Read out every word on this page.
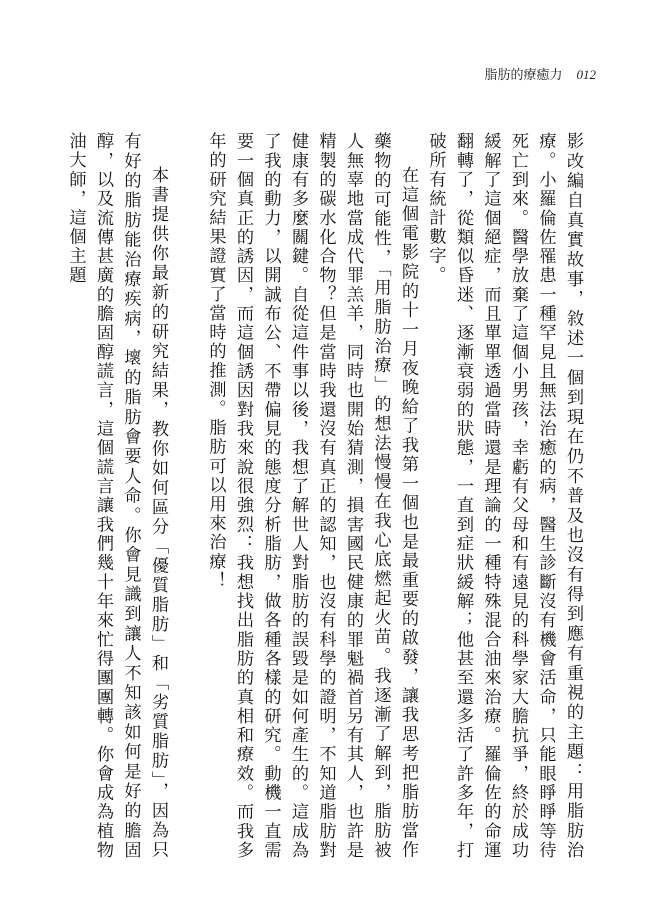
脂肪的療癒力 012

影改編自真實故事，敘述一個到現在仍不普及也沒有得到應有重視的主題：用脂肪治療。小羅倫佐罹患一種罕見且無法治癒的病，醫生診斷沒有機會活命，只能眼睜睜等待死亡到來。醫學放棄了這個小男孩，幸虧有父母和有遠見的科學家大膽抗爭，終於成功緩解了這個絕症，而且單單透過當時還是理論的一種特殊混合油來治療。羅倫佐的命運翻轉了，從類似昏迷、逐漸衰弱的狀態，一直到症狀緩解；他甚至還多活了許多年，打破所有統計數字。

在這個電影院的十一月夜晚給了我第一個也是最重要的啟發，讓我思考把脂肪當作藥物的可能性，「用脂肪治療」的想法慢慢在我心底燃起火苗。我逐漸了解到，脂肪被人無辜地當成代罪羔羊，同時也開始猜測，損害國民健康的罪魁禍首另有其人，也許是精製的碳水化合物？但是當時我還沒有真正的認知，也沒有科學的證明，不知道脂肪對健康有多麼關鍵。自從這件事以後，我想了解世人對脂肪的誤毀是如何產生的。這成為了我的動力，以開誠布公、不帶偏見的態度分析脂肪，做各種各樣的研究。動機一直需要一個真正的誘因，而這個誘因對我來說很強烈：我想找出脂肪的真相和療效。而我多年的研究結果證實了當時的推測。脂肪可以用來治療！

本書提供你最新的研究結果，教你如何區分「優質脂肪」和「劣質脂肪」，因為只有好的脂肪能治療疾病，壞的脂肪會要人命。你會見識到讓人不知該如何是好的膽固醇，以及流傳甚廣的膽固醇謊言，這個謊言讓我們幾十年來忙得團團轉。你會成為植物油大師，這個主題
